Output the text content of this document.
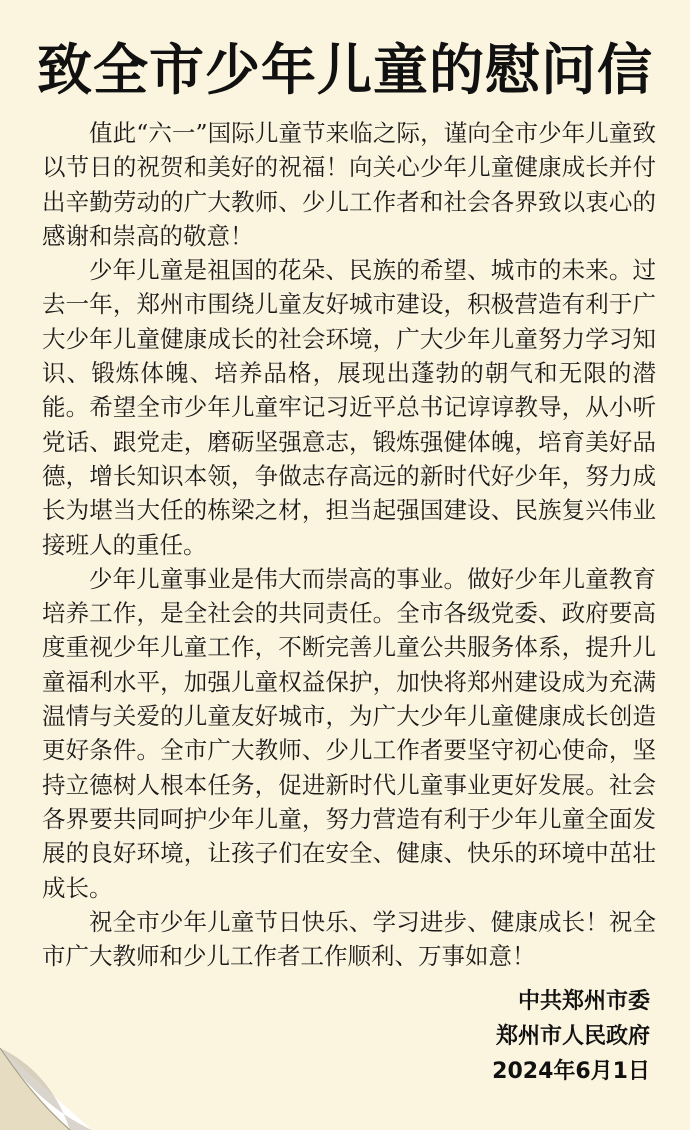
致全市少年儿童的慰问信

值此“六一”国际儿童节来临之际，谨向全市少年儿童致以节日的祝贺和美好的祝福！向关心少年儿童健康成长并付出辛勤劳动的广大教师、少儿工作者和社会各界致以衷心的感谢和崇高的敬意！

少年儿童是祖国的花朵、民族的希望、城市的未来。过去一年，郑州市围绕儿童友好城市建设，积极营造有利于广大少年儿童健康成长的社会环境，广大少年儿童努力学习知识、锻炼体魄、培养品格，展现出蓬勃的朝气和无限的潜能。希望全市少年儿童牢记习近平总书记谆谆教导，从小听党话、跟党走，磨砺坚强意志，锻炼强健体魄，培育美好品德，增长知识本领，争做志存高远的新时代好少年，努力成长为堪当大任的栋梁之材，担当起强国建设、民族复兴伟业接班人的重任。

少年儿童事业是伟大而崇高的事业。做好少年儿童教育培养工作，是全社会的共同责任。全市各级党委、政府要高度重视少年儿童工作，不断完善儿童公共服务体系，提升儿童福利水平，加强儿童权益保护，加快将郑州建设成为充满温情与关爱的儿童友好城市，为广大少年儿童健康成长创造更好条件。全市广大教师、少儿工作者要坚守初心使命，坚持立德树人根本任务，促进新时代儿童事业更好发展。社会各界要共同呵护少年儿童，努力营造有利于少年儿童全面发展的良好环境，让孩子们在安全、健康、快乐的环境中茁壮成长。

祝全市少年儿童节日快乐、学习进步、健康成长！祝全市广大教师和少儿工作者工作顺利、万事如意！

中共郑州市委
郑州市人民政府
2024年6月1日
